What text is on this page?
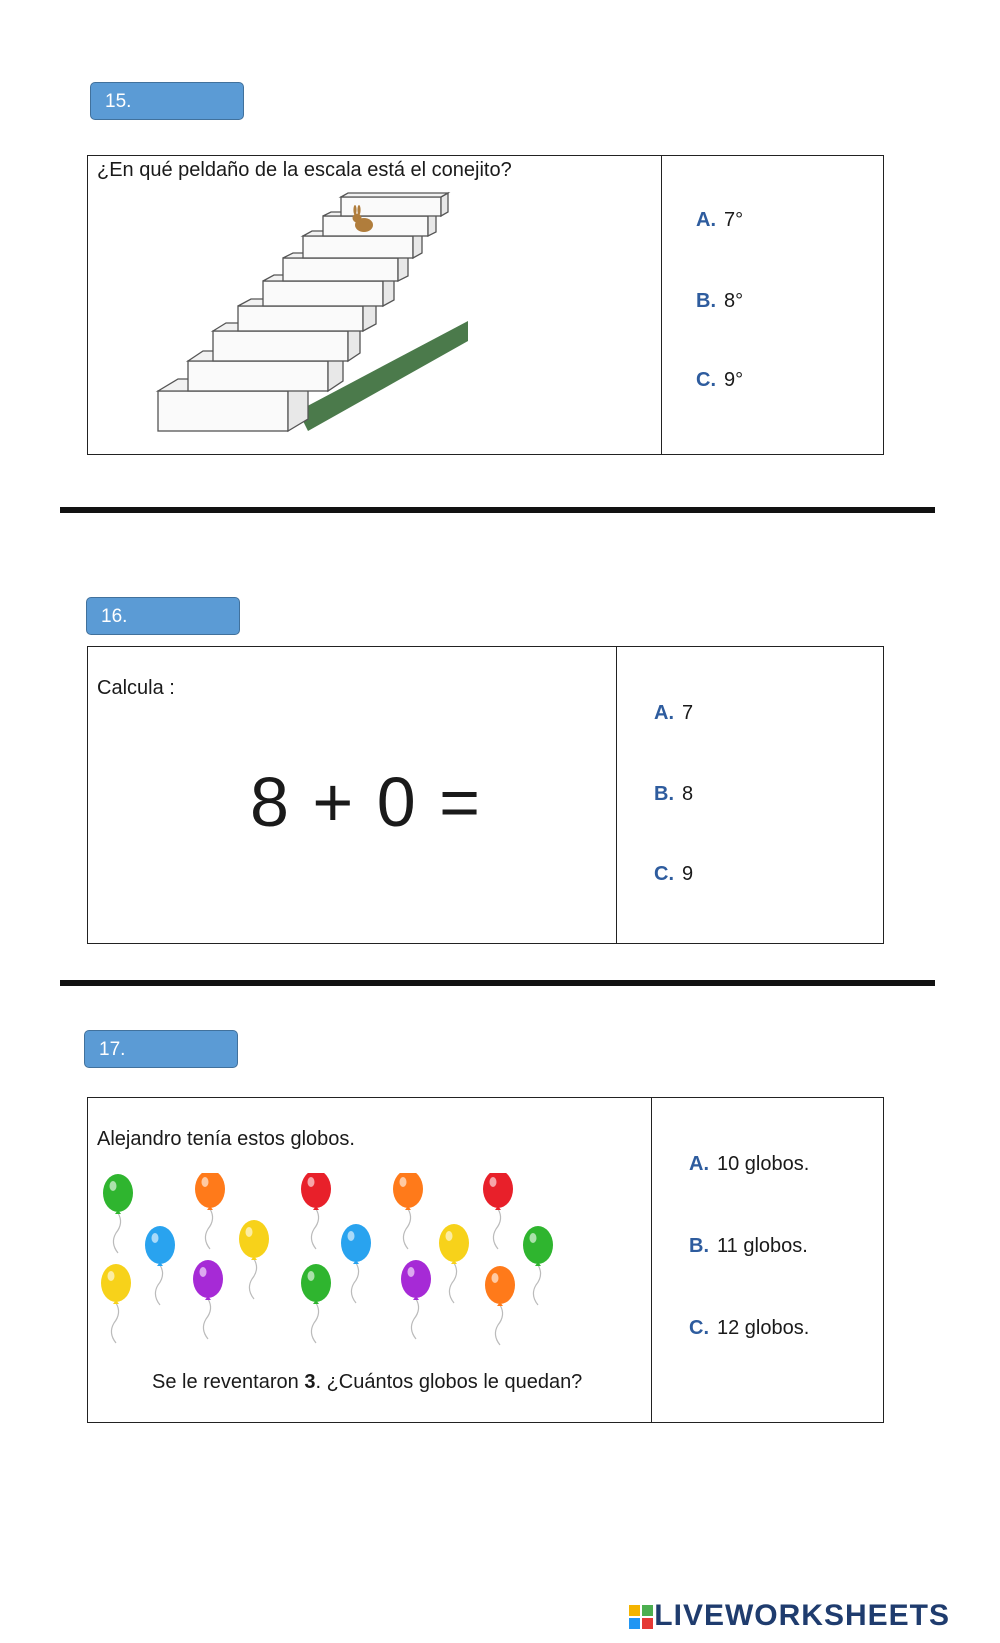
15.
¿En qué peldaño de la escala está el conejito?
A. 7°
B. 8°
C. 9°
16.
Calcula :
8 + 0 =
A. 7
B. 8
C. 9
17.
Alejandro tenía estos globos.
Se le reventaron 3. ¿Cuántos globos le quedan?
A. 10 globos.
B. 11 globos.
C. 12 globos.

LIVEWORKSHEETS
